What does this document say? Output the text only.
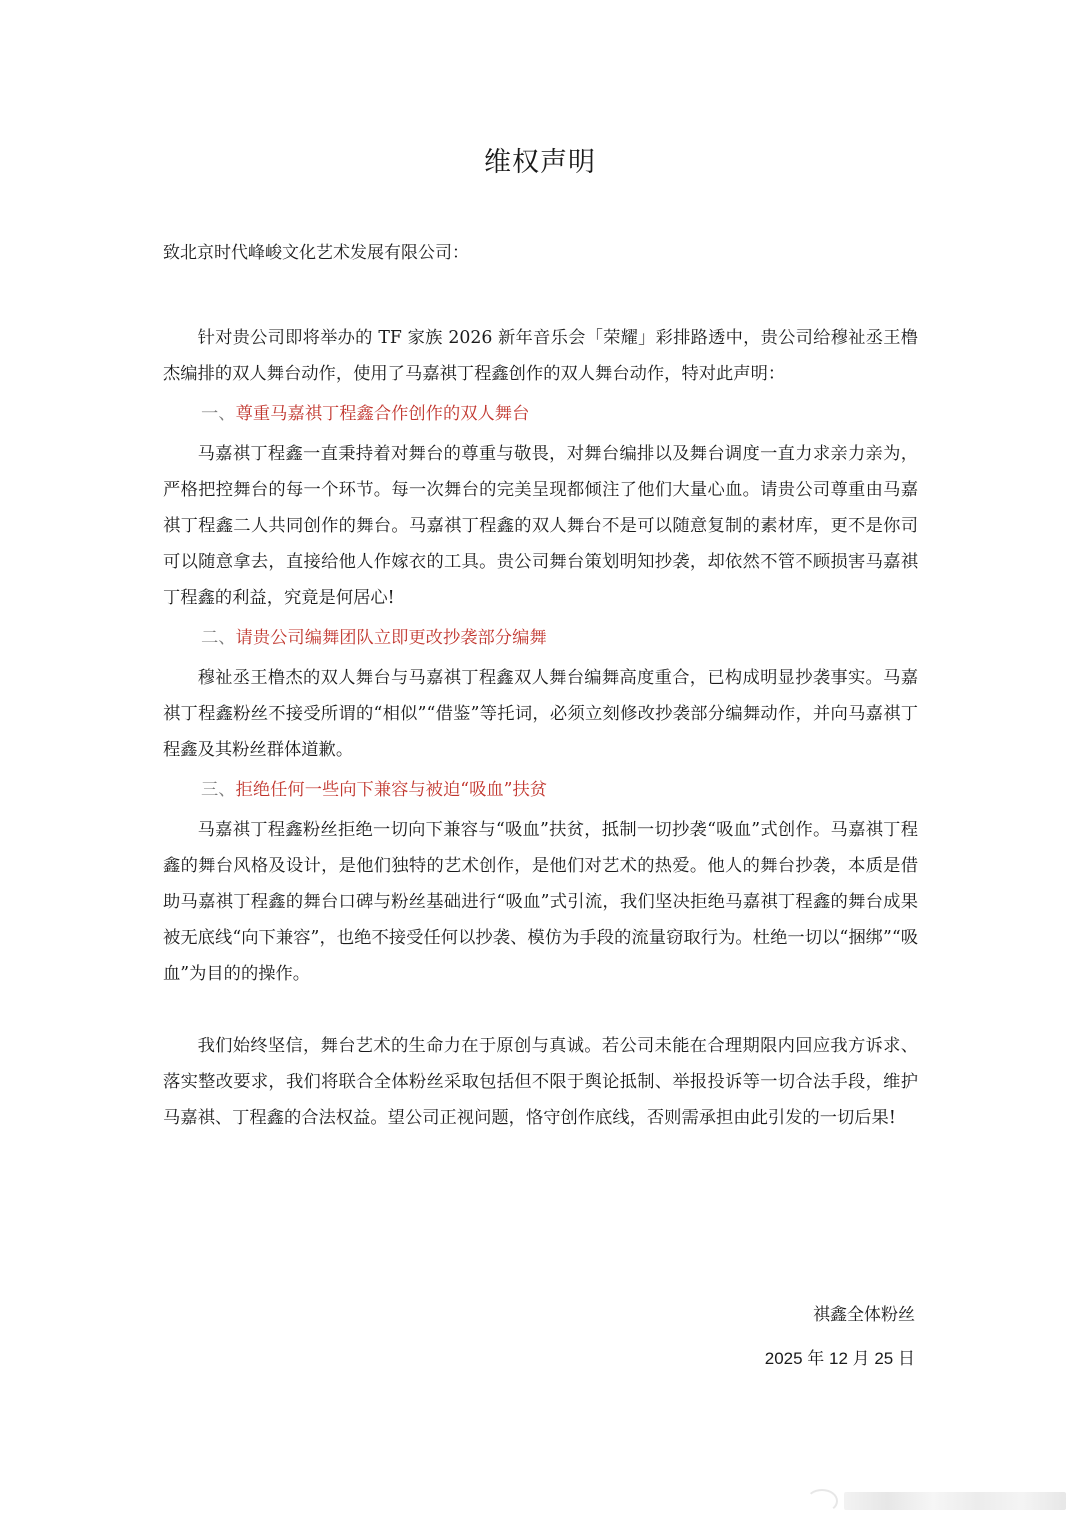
维权声明
致北京时代峰峻文化艺术发展有限公司：

针对贵公司即将举办的 TF 家族 2026 新年音乐会「荣耀」彩排路透中，贵公司给穆祉丞王橹杰编排的双人舞台动作，使用了马嘉祺丁程鑫创作的双人舞台动作，特对此声明：

一、尊重马嘉祺丁程鑫合作创作的双人舞台

马嘉祺丁程鑫一直秉持着对舞台的尊重与敬畏，对舞台编排以及舞台调度一直力求亲力亲为，严格把控舞台的每一个环节。每一次舞台的完美呈现都倾注了他们大量心血。请贵公司尊重由马嘉祺丁程鑫二人共同创作的舞台。马嘉祺丁程鑫的双人舞台不是可以随意复制的素材库，更不是你司可以随意拿去，直接给他人作嫁衣的工具。贵公司舞台策划明知抄袭，却依然不管不顾损害马嘉祺丁程鑫的利益，究竟是何居心!

二、请贵公司编舞团队立即更改抄袭部分编舞

穆祉丞王橹杰的双人舞台与马嘉祺丁程鑫双人舞台编舞高度重合，已构成明显抄袭事实。马嘉祺丁程鑫粉丝不接受所谓的“相似”“借鉴”等托词，必须立刻修改抄袭部分编舞动作，并向马嘉祺丁程鑫及其粉丝群体道歉。

三、拒绝任何一些向下兼容与被迫“吸血”扶贫

马嘉祺丁程鑫粉丝拒绝一切向下兼容与“吸血”扶贫，抵制一切抄袭“吸血”式创作。马嘉祺丁程鑫的舞台风格及设计，是他们独特的艺术创作，是他们对艺术的热爱。他人的舞台抄袭，本质是借助马嘉祺丁程鑫的舞台口碑与粉丝基础进行“吸血”式引流，我们坚决拒绝马嘉祺丁程鑫的舞台成果被无底线“向下兼容”，也绝不接受任何以抄袭、模仿为手段的流量窃取行为。杜绝一切以“捆绑”“吸血”为目的的操作。

我们始终坚信，舞台艺术的生命力在于原创与真诚。若公司未能在合理期限内回应我方诉求、落实整改要求，我们将联合全体粉丝采取包括但不限于舆论抵制、举报投诉等一切合法手段，维护马嘉祺、丁程鑫的合法权益。望公司正视问题，恪守创作底线，否则需承担由此引发的一切后果!

祺鑫全体粉丝
2025 年 12 月 25 日
